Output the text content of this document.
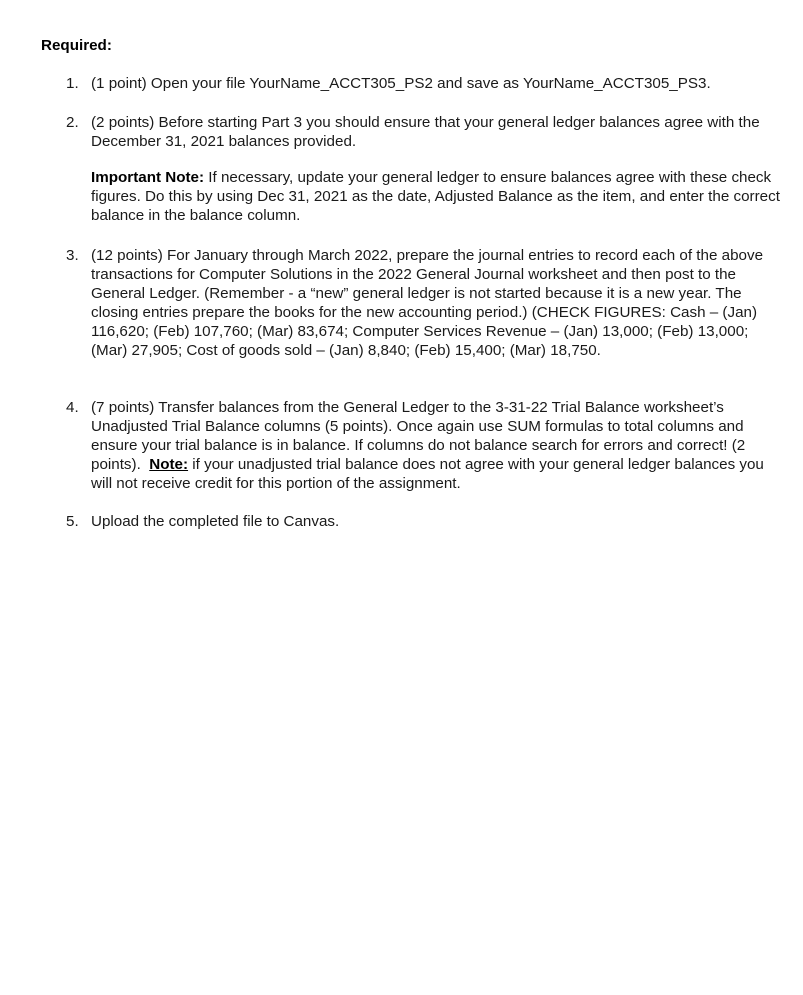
Required:
1. (1 point) Open your file YourName_ACCT305_PS2 and save as YourName_ACCT305_PS3.

2. (2 points) Before starting Part 3 you should ensure that your general ledger balances agree with the December 31, 2021 balances provided.

Important Note: If necessary, update your general ledger to ensure balances agree with these check figures. Do this by using Dec 31, 2021 as the date, Adjusted Balance as the item, and enter the correct balance in the balance column.
3. (12 points) For January through March 2022, prepare the journal entries to record each of the above transactions for Computer Solutions in the 2022 General Journal worksheet and then post to the General Ledger. (Remember - a “new” general ledger is not started because it is a new year. The closing entries prepare the books for the new accounting period.) (CHECK FIGURES: Cash – (Jan) 116,620; (Feb) 107,760; (Mar) 83,674; Computer Services Revenue – (Jan) 13,000; (Feb) 13,000; (Mar) 27,905; Cost of goods sold – (Jan) 8,840; (Feb) 15,400; (Mar) 18,750.

4. (7 points) Transfer balances from the General Ledger to the 3-31-22 Trial Balance worksheet’s Unadjusted Trial Balance columns (5 points). Once again use SUM formulas to total columns and ensure your trial balance is in balance. If columns do not balance search for errors and correct! (2 points).  Note: if your unadjusted trial balance does not agree with your general ledger balances you will not receive credit for this portion of the assignment.

5. Upload the completed file to Canvas.
